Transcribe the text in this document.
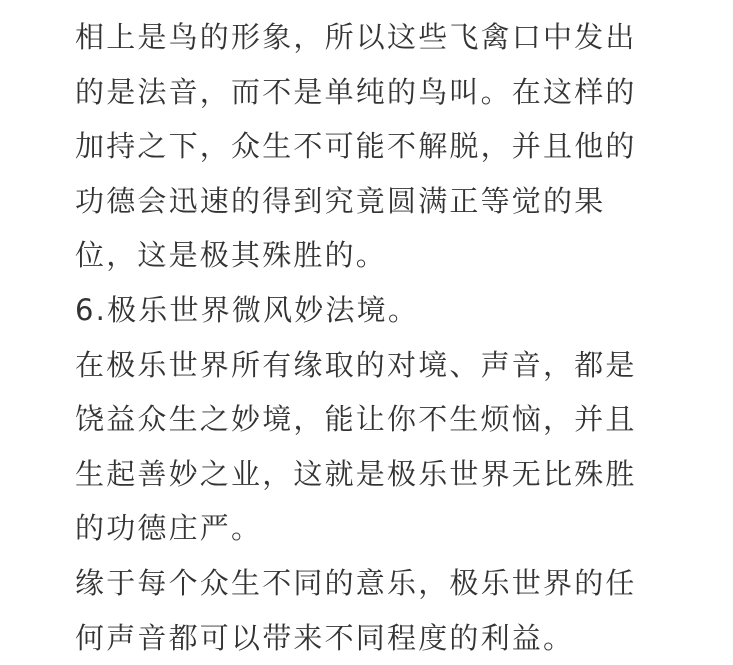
相上是鸟的形象，所以这些飞禽口中发出
的是法音，而不是单纯的鸟叫。在这样的
加持之下，众生不可能不解脱，并且他的
功德会迅速的得到究竟圆满正等觉的果
位，这是极其殊胜的。
6.极乐世界微风妙法境。
在极乐世界所有缘取的对境、声音，都是
饶益众生之妙境，能让你不生烦恼，并且
生起善妙之业，这就是极乐世界无比殊胜
的功德庄严。
缘于每个众生不同的意乐，极乐世界的任
何声音都可以带来不同程度的利益。
